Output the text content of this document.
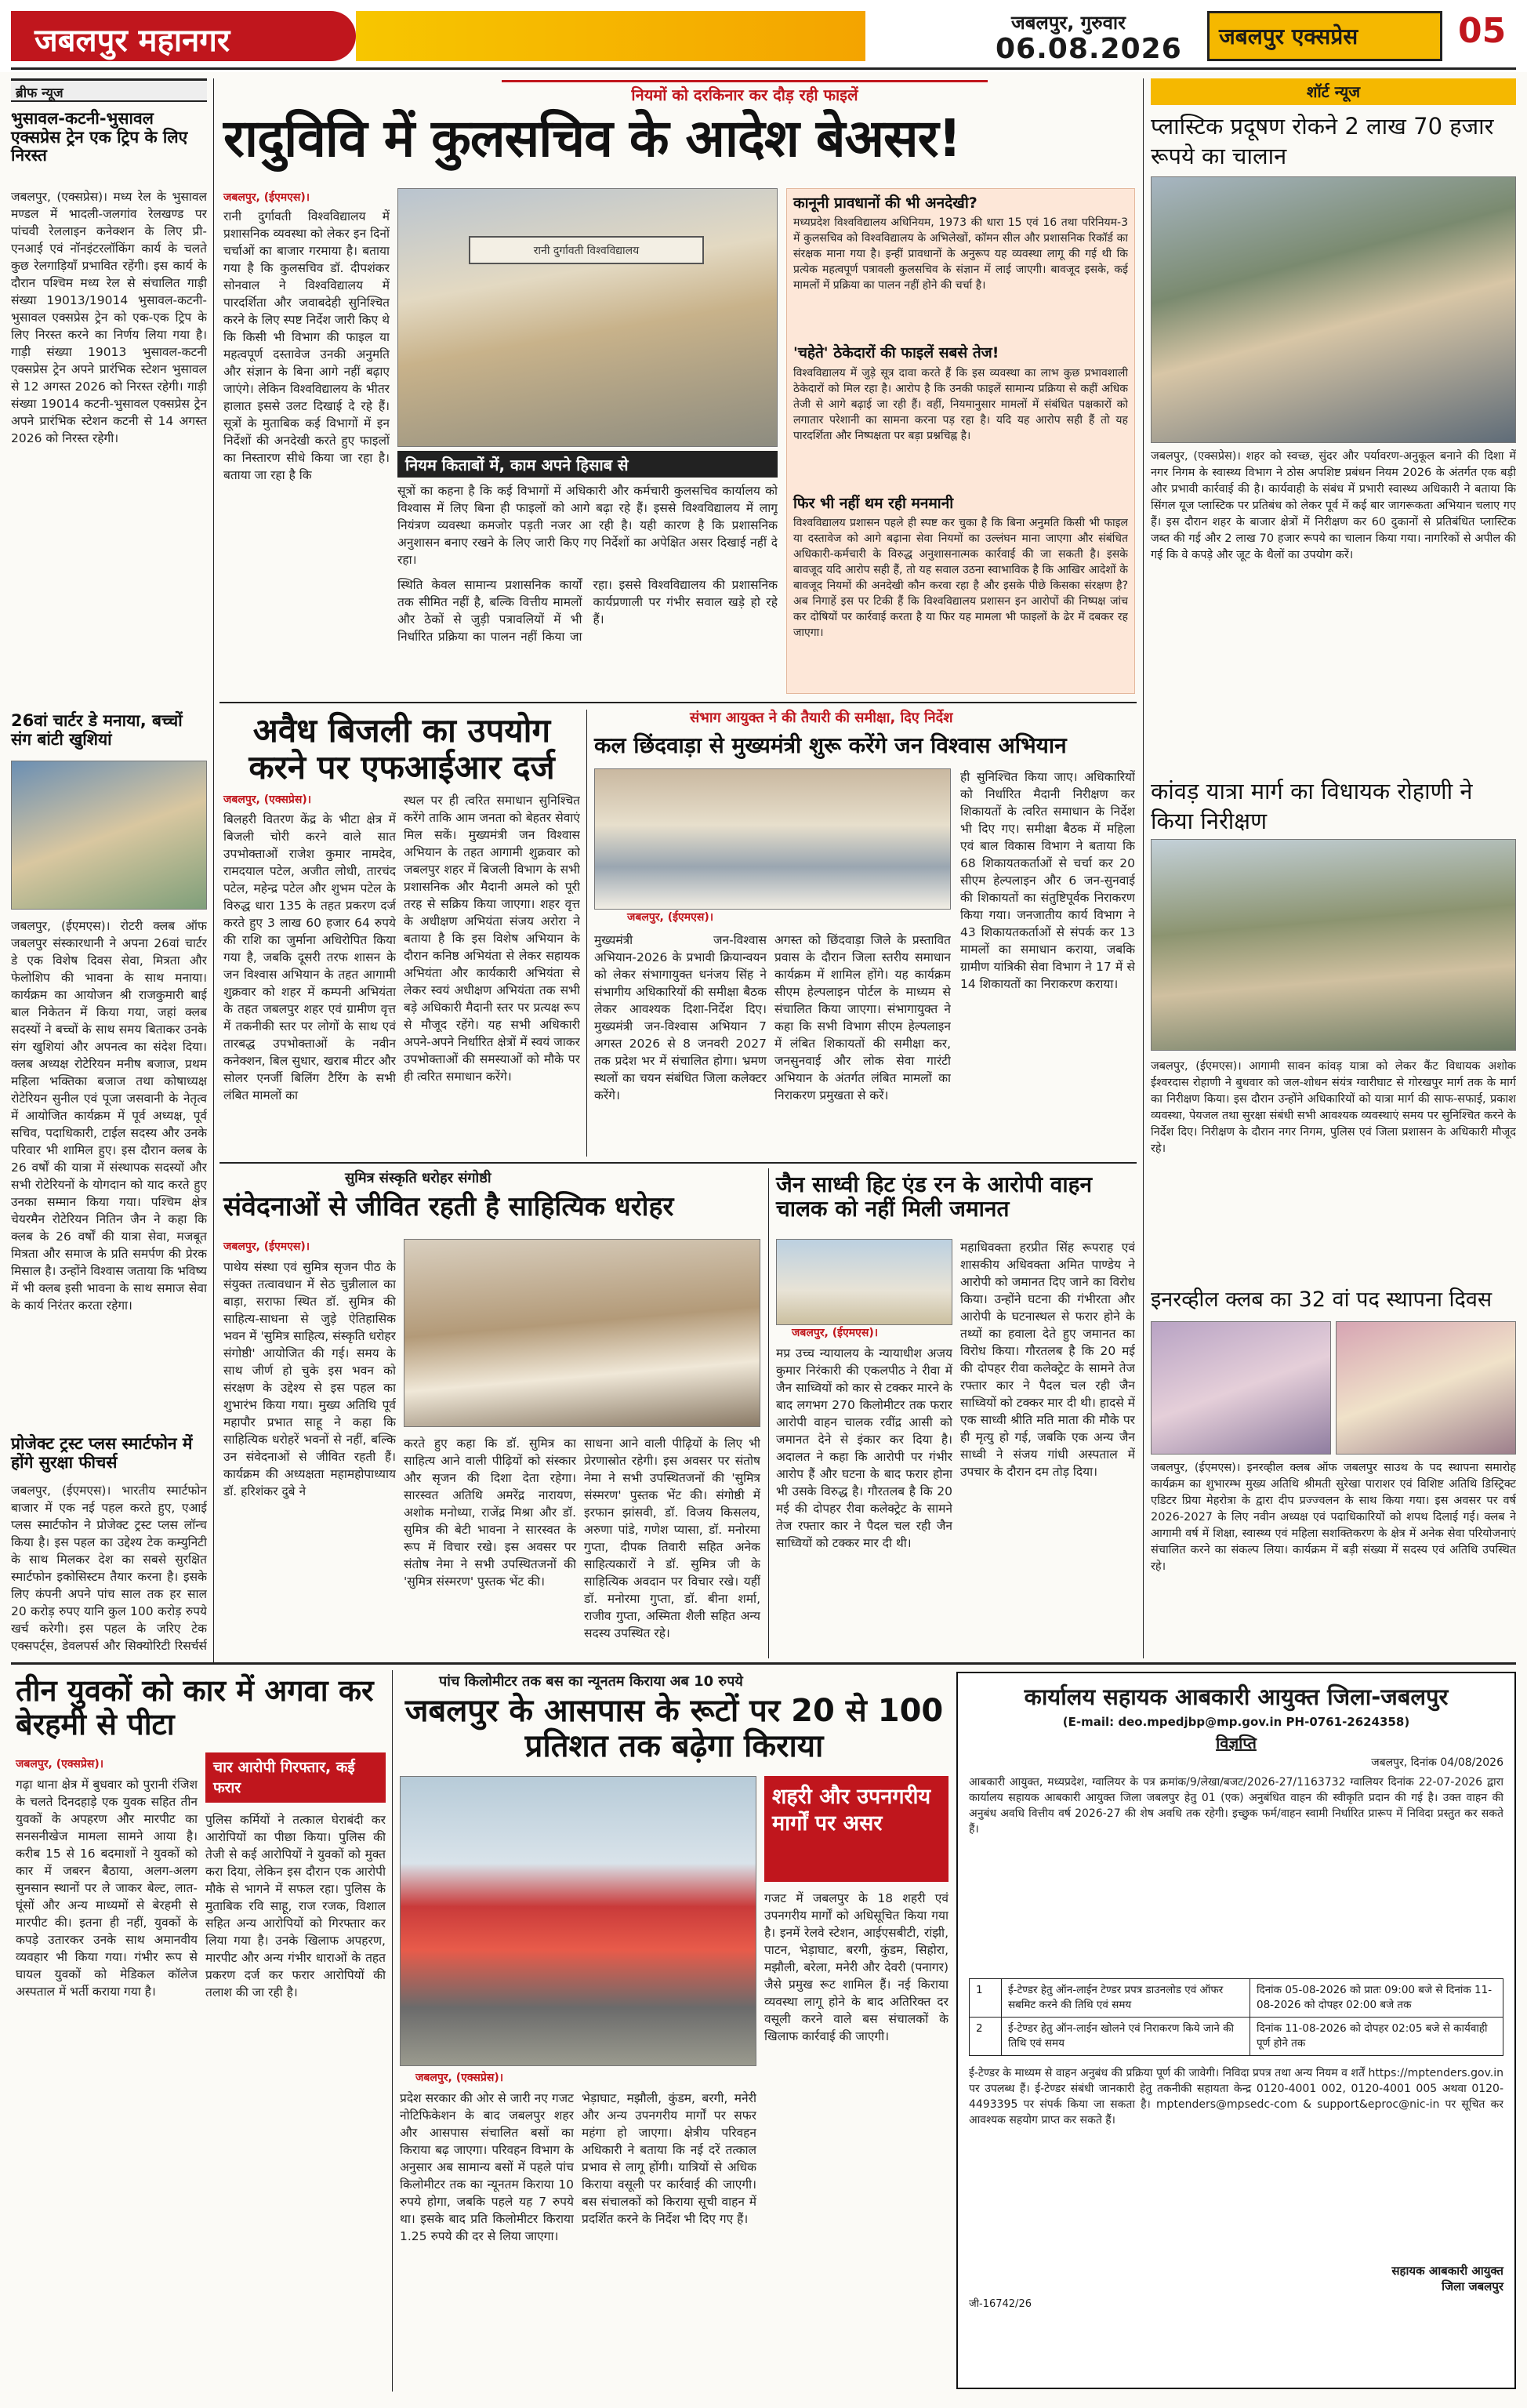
जबलपुर महानगर	जबलपुर, गुरुवार
06.08.2026 जबलपुर एक्सप्रेस	05
ब्रीफ न्यूज
भुसावल-कटनी-भुसावल एक्सप्रेस ट्रेन एक ट्रिप के लिए निरस्त
जबलपुर, (एक्सप्रेस)। मध्य रेल के भुसावल मण्डल में भादली-जलगांव रेलखण्ड पर पांचवी रेललाइन कनेक्शन के लिए प्री-एनआई एवं नॉनइंटरलॉकिंग कार्य के चलते कुछ रेलगाड़ियाँ प्रभावित रहेंगी। इस कार्य के दौरान पश्चिम मध्य रेल से संचालित गाड़ी संख्या 19013/19014 भुसावल-कटनी-भुसावल एक्सप्रेस ट्रेन को एक-एक ट्रिप के लिए निरस्त करने का निर्णय लिया गया है। गाड़ी संख्या 19013 भुसावल-कटनी एक्सप्रेस ट्रेन अपने प्रारंभिक स्टेशन भुसावल से 12 अगस्त 2026 को निरस्त रहेगी। गाड़ी संख्या 19014 कटनी-भुसावल एक्सप्रेस ट्रेन अपने प्रारंभिक स्टेशन कटनी से 14 अगस्त 2026 को निरस्त रहेगी।
26वां चार्टर डे मनाया, बच्चों संग बांटी खुशियां
जबलपुर, (ईएमएस)। रोटरी क्लब ऑफ जबलपुर संस्कारधानी ने अपना 26वां चार्टर डे एक विशेष दिवस सेवा, मित्रता और फेलोशिप की भावना के साथ मनाया। कार्यक्रम का आयोजन श्री राजकुमारी बाई बाल निकेतन में किया गया, जहां क्लब सदस्यों ने बच्चों के साथ समय बिताकर उनके संग खुशियां और अपनत्व का संदेश दिया। क्लब अध्यक्ष रोटेरियन मनीष बजाज, प्रथम महिला भक्तिका बजाज तथा कोषाध्यक्ष रोटेरियन सुनील एवं पूजा जसवानी के नेतृत्व में आयोजित कार्यक्रम में पूर्व अध्यक्ष, पूर्व सचिव, पदाधिकारी, टाईल सदस्य और उनके परिवार भी शामिल हुए। इस दौरान क्लब के 26 वर्षों की यात्रा में संस्थापक सदस्यों और सभी रोटेरियनों के योगदान को याद करते हुए उनका सम्मान किया गया। पश्चिम क्षेत्र चेयरमैन रोटेरियन नितिन जैन ने कहा कि क्लब के 26 वर्षों की यात्रा सेवा, मजबूत मित्रता और समाज के प्रति समर्पण की प्रेरक मिसाल है। उन्होंने विश्वास जताया कि भविष्य में भी क्लब इसी भावना के साथ समाज सेवा के कार्य निरंतर करता रहेगा।
प्रोजेक्ट ट्रस्ट प्लस स्मार्टफोन में होंगे सुरक्षा फीचर्स
जबलपुर, (ईएमएस)। भारतीय स्मार्टफोन बाजार में एक नई पहल करते हुए, एआई प्लस स्मार्टफोन ने प्रोजेक्ट ट्रस्ट प्लस लॉन्च किया है। इस पहल का उद्देश्य टेक कम्युनिटी के साथ मिलकर देश का सबसे सुरक्षित स्मार्टफोन इकोसिस्टम तैयार करना है। इसके लिए कंपनी अपने पांच साल तक हर साल 20 करोड़ रुपए यानि कुल 100 करोड़ रुपये खर्च करेगी। इस पहल के जरिए टेक एक्सपर्ट्स, डेवलपर्स और सिक्योरिटी रिसर्चर्स
नियमों को दरकिनार कर दौड़ रही फाइलें
रादुविवि में कुलसचिव के आदेश बेअसर!
जबलपुर, (ईएमएस)।
रानी दुर्गावती विश्वविद्यालय में प्रशासनिक व्यवस्था को लेकर इन दिनों चर्चाओं का बाजार गरमाया है। बताया गया है कि कुलसचिव डॉ. दीपशंकर सोनवाल ने विश्वविद्यालय में पारदर्शिता और जवाबदेही सुनिश्चित करने के लिए स्पष्ट निर्देश जारी किए थे कि किसी भी विभाग की फाइल या महत्वपूर्ण दस्तावेज उनकी अनुमति और संज्ञान के बिना आगे नहीं बढ़ाए जाएंगे। लेकिन विश्वविद्यालय के भीतर हालात इससे उलट दिखाई दे रहे हैं। सूत्रों के मुताबिक कई विभागों में इन निर्देशों की अनदेखी करते हुए फाइलों का निस्तारण सीधे किया जा रहा है। बताया जा रहा है कि
रानी दुर्गावती विश्वविद्यालय
नियम किताबों में, काम अपने हिसाब से
सूत्रों का कहना है कि कई विभागों में अधिकारी और कर्मचारी कुलसचिव कार्यालय को विश्वास में लिए बिना ही फाइलों को आगे बढ़ा रहे हैं। इससे विश्वविद्यालय में लागू नियंत्रण व्यवस्था कमजोर पड़ती नजर आ रही है। यही कारण है कि प्रशासनिक अनुशासन बनाए रखने के लिए जारी किए गए निर्देशों का अपेक्षित असर दिखाई नहीं दे रहा।
स्थिति केवल सामान्य प्रशासनिक कार्यों तक सीमित नहीं है, बल्कि वित्तीय मामलों और ठेकों से जुड़ी पत्रावलियों में भी निर्धारित प्रक्रिया का पालन नहीं किया जा रहा। इससे विश्वविद्यालय की प्रशासनिक कार्यप्रणाली पर गंभीर सवाल खड़े हो रहे हैं।
कानूनी प्रावधानों की भी अनदेखी?
मध्यप्रदेश विश्वविद्यालय अधिनियम, 1973 की धारा 15 एवं 16 तथा परिनियम-3 में कुलसचिव को विश्वविद्यालय के अभिलेखों, कॉमन सील और प्रशासनिक रिकॉर्ड का संरक्षक माना गया है। इन्हीं प्रावधानों के अनुरूप यह व्यवस्था लागू की गई थी कि प्रत्येक महत्वपूर्ण पत्रावली कुलसचिव के संज्ञान में लाई जाएगी। बावजूद इसके, कई मामलों में प्रक्रिया का पालन नहीं होने की चर्चा है।
'चहेते' ठेकेदारों की फाइलें सबसे तेज!
विश्वविद्यालय में जुड़े सूत्र दावा करते हैं कि इस व्यवस्था का लाभ कुछ प्रभावशाली ठेकेदारों को मिल रहा है। आरोप है कि उनकी फाइलें सामान्य प्रक्रिया से कहीं अधिक तेजी से आगे बढ़ाई जा रही हैं। वहीं, नियमानुसार मामलों में संबंधित पक्षकारों को लगातार परेशानी का सामना करना पड़ रहा है। यदि यह आरोप सही हैं तो यह पारदर्शिता और निष्पक्षता पर बड़ा प्रश्नचिह्न है।
फिर भी नहीं थम रही मनमानी
विश्वविद्यालय प्रशासन पहले ही स्पष्ट कर चुका है कि बिना अनुमति किसी भी फाइल या दस्तावेज को आगे बढ़ाना सेवा नियमों का उल्लंघन माना जाएगा और संबंधित अधिकारी-कर्मचारी के विरुद्ध अनुशासनात्मक कार्रवाई की जा सकती है। इसके बावजूद यदि आरोप सही हैं, तो यह सवाल उठना स्वाभाविक है कि आखिर आदेशों के बावजूद नियमों की अनदेखी कौन करवा रहा है और इसके पीछे किसका संरक्षण है? अब निगाहें इस पर टिकी हैं कि विश्वविद्यालय प्रशासन इन आरोपों की निष्पक्ष जांच कर दोषियों पर कार्रवाई करता है या फिर यह मामला भी फाइलों के ढेर में दबकर रह जाएगा।
अवैध बिजली का उपयोग करने पर एफआईआर दर्ज
जबलपुर, (एक्सप्रेस)।
बिलहरी वितरण केंद्र के भीटा क्षेत्र में बिजली चोरी करने वाले सात उपभोक्ताओं राजेश कुमार नामदेव, रामदयाल पटेल, अजीत लोधी, तारचंद पटेल, महेन्द्र पटेल और शुभम पटेल के विरुद्ध धारा 135 के तहत प्रकरण दर्ज करते हुए 3 लाख 60 हजार 64 रुपये की राशि का जुर्माना अधिरोपित किया गया है, जबकि दूसरी तरफ शासन के जन विश्वास अभियान के तहत आगामी शुक्रवार को शहर में कम्पनी अभियंता के तहत जबलपुर शहर एवं ग्रामीण वृत्त में तकनीकी स्तर पर लोगों के साथ एवं तारबद्ध उपभोक्ताओं के नवीन कनेक्शन, बिल सुधार, खराब मीटर और सोलर एनर्जी बिलिंग टैरिंग के सभी लंबित मामलों का
स्थल पर ही त्वरित समाधान सुनिश्चित करेंगे ताकि आम जनता को बेहतर सेवाएं मिल सकें। मुख्यमंत्री जन विश्वास अभियान के तहत आगामी शुक्रवार को जबलपुर शहर में बिजली विभाग के सभी प्रशासनिक और मैदानी अमले को पूरी तरह से सक्रिय किया जाएगा। शहर वृत्त के अधीक्षण अभियंता संजय अरोरा ने बताया है कि इस विशेष अभियान के दौरान कनिष्ठ अभियंता से लेकर सहायक अभियंता और कार्यकारी अभियंता से लेकर स्वयं अधीक्षण अभियंता तक सभी बड़े अधिकारी मैदानी स्तर पर प्रत्यक्ष रूप से मौजूद रहेंगे। यह सभी अधिकारी अपने-अपने निर्धारित क्षेत्रों में स्वयं जाकर उपभोक्ताओं की समस्याओं को मौके पर ही त्वरित समाधान करेंगे।
संभाग आयुक्त ने की तैयारी की समीक्षा, दिए निर्देश
कल छिंदवाड़ा से मुख्यमंत्री शुरू करेंगे जन विश्वास अभियान
जबलपुर, (ईएमएस)।
ही सुनिश्चित किया जाए। अधिकारियों को निर्धारित मैदानी निरीक्षण कर शिकायतों के त्वरित समाधान के निर्देश भी दिए गए। समीक्षा बैठक में महिला एवं बाल विकास विभाग ने बताया कि 68 शिकायतकर्ताओं से चर्चा कर 20 सीएम हेल्पलाइन और 6 जन-सुनवाई की शिकायतों का संतुष्टिपूर्वक निराकरण किया गया। जनजातीय कार्य विभाग ने 43 शिकायतकर्ताओं से संपर्क कर 13 मामलों का समाधान कराया, जबकि ग्रामीण यांत्रिकी सेवा विभाग ने 17 में से 14 शिकायतों का निराकरण कराया।
मुख्यमंत्री जन-विश्वास अभियान-2026 के प्रभावी क्रियान्वयन को लेकर संभागायुक्त धनंजय सिंह ने संभागीय अधिकारियों की समीक्षा बैठक लेकर आवश्यक दिशा-निर्देश दिए। मुख्यमंत्री जन-विश्वास अभियान 7 अगस्त 2026 से 8 जनवरी 2027 तक प्रदेश भर में संचालित होगा। भ्रमण स्थलों का चयन संबंधित जिला कलेक्टर करेंगे।
अगस्त को छिंदवाड़ा जिले के प्रस्तावित प्रवास के दौरान जिला स्तरीय समाधान कार्यक्रम में शामिल होंगे। यह कार्यक्रम सीएम हेल्पलाइन पोर्टल के माध्यम से संचालित किया जाएगा। संभागायुक्त ने कहा कि सभी विभाग सीएम हेल्पलाइन में लंबित शिकायतों की समीक्षा कर, जनसुनवाई और लोक सेवा गारंटी अभियान के अंतर्गत लंबित मामलों का निराकरण प्रमुखता से करें।
सुमित्र संस्कृति धरोहर संगोष्ठी
संवेदनाओं से जीवित रहती है साहित्यिक धरोहर
जबलपुर, (ईएमएस)।
पाथेय संस्था एवं सुमित्र सृजन पीठ के संयुक्त तत्वावधान में सेठ चुन्नीलाल का बाड़ा, सराफा स्थित डॉ. सुमित्र की साहित्य-साधना से जुड़े ऐतिहासिक भवन में 'सुमित्र साहित्य, संस्कृति धरोहर संगोष्ठी' आयोजित की गई। समय के साथ जीर्ण हो चुके इस भवन को संरक्षण के उद्देश्य से इस पहल का शुभारंभ किया गया। मुख्य अतिथि पूर्व महापौर प्रभात साहू ने कहा कि साहित्यिक धरोहरें भवनों से नहीं, बल्कि उन संवेदनाओं से जीवित रहती हैं। कार्यक्रम की अध्यक्षता महामहोपाध्याय डॉ. हरिशंकर दुबे ने
करते हुए कहा कि डॉ. सुमित्र का साहित्य आने वाली पीढ़ियों को संस्कार और सृजन की दिशा देता रहेगा। सारस्वत अतिथि अमरेंद्र नारायण, अशोक मनोध्या, राजेंद्र मिश्रा और डॉ. सुमित्र की बेटी भावना ने सारस्वत के रूप में विचार रखे। इस अवसर पर संतोष नेमा ने सभी उपस्थितजनों की 'सुमित्र संस्मरण' पुस्तक भेंट की।
साधना आने वाली पीढ़ियों के लिए भी प्रेरणास्रोत रहेगी। इस अवसर पर संतोष नेमा ने सभी उपस्थितजनों की 'सुमित्र संस्मरण' पुस्तक भेंट की। संगोष्ठी में इरफान झांसवी, डॉ. विजय किसलय, अरुणा पांडे, गणेश प्यासा, डॉ. मनोरमा गुप्ता, दीपक तिवारी सहित अनेक साहित्यकारों ने डॉ. सुमित्र जी के साहित्यिक अवदान पर विचार रखे। यहीं डॉ. मनोरमा गुप्ता, डॉ. बीना शर्मा, राजीव गुप्ता, अस्मिता शैली सहित अन्य सदस्य उपस्थित रहे।
जैन साध्वी हिट एंड रन के आरोपी वाहन चालक को नहीं मिली जमानत
जबलपुर, (ईएमएस)।
मप्र उच्च न्यायालय के न्यायाधीश अजय कुमार निरंकारी की एकलपीठ ने रीवा में जैन साध्वियों को कार से टक्कर मारने के बाद लगभग 270 किलोमीटर तक फरार आरोपी वाहन चालक रवींद्र आसी को जमानत देने से इंकार कर दिया है। अदालत ने कहा कि आरोपी पर गंभीर आरोप हैं और घटना के बाद फरार होना भी उसके विरुद्ध है। गौरतलब है कि 20 मई की दोपहर रीवा कलेक्ट्रेट के सामने तेज रफ्तार कार ने पैदल चल रही जैन साध्वियों को टक्कर मार दी थी।
महाधिवक्ता हरप्रीत सिंह रूपराह एवं शासकीय अधिवक्ता अमित पाण्डेय ने आरोपी को जमानत दिए जाने का विरोध किया। उन्होंने घटना की गंभीरता और आरोपी के घटनास्थल से फरार होने के तथ्यों का हवाला देते हुए जमानत का विरोध किया। गौरतलब है कि 20 मई की दोपहर रीवा कलेक्ट्रेट के सामने तेज रफ्तार कार ने पैदल चल रही जैन साध्वियों को टक्कर मार दी थी। हादसे में एक साध्वी श्रीति मति माता की मौके पर ही मृत्यु हो गई, जबकि एक अन्य जैन साध्वी ने संजय गांधी अस्पताल में उपचार के दौरान दम तोड़ दिया।
शॉर्ट न्यूज
प्लास्टिक प्रदूषण रोकने 2 लाख 70 हजार रूपये का चालान
जबलपुर, (एक्सप्रेस)। शहर को स्वच्छ, सुंदर और पर्यावरण-अनुकूल बनाने की दिशा में नगर निगम के स्वास्थ्य विभाग ने ठोस अपशिष्ट प्रबंधन नियम 2026 के अंतर्गत एक बड़ी और प्रभावी कार्रवाई की है। कार्यवाही के संबंध में प्रभारी स्वास्थ्य अधिकारी ने बताया कि सिंगल यूज प्लास्टिक पर प्रतिबंध को लेकर पूर्व में कई बार जागरूकता अभियान चलाए गए हैं। इस दौरान शहर के बाजार क्षेत्रों में निरीक्षण कर 60 दुकानों से प्रतिबंधित प्लास्टिक जब्त की गई और 2 लाख 70 हजार रूपये का चालान किया गया। नागरिकों से अपील की गई कि वे कपड़े और जूट के थैलों का उपयोग करें।
कांवड़ यात्रा मार्ग का विधायक रोहाणी ने किया निरीक्षण
जबलपुर, (ईएमएस)। आगामी सावन कांवड़ यात्रा को लेकर कैंट विधायक अशोक ईश्वरदास रोहाणी ने बुधवार को जल-शोधन संयंत्र ग्वारीघाट से गोरखपुर मार्ग तक के मार्ग का निरीक्षण किया। इस दौरान उन्होंने अधिकारियों को यात्रा मार्ग की साफ-सफाई, प्रकाश व्यवस्था, पेयजल तथा सुरक्षा संबंधी सभी आवश्यक व्यवस्थाएं समय पर सुनिश्चित करने के निर्देश दिए। निरीक्षण के दौरान नगर निगम, पुलिस एवं जिला प्रशासन के अधिकारी मौजूद रहे।
इनरव्हील क्लब का 32 वां पद स्थापना दिवस
जबलपुर, (ईएमएस)। इनरव्हील क्लब ऑफ जबलपुर साउथ के पद स्थापना समारोह कार्यक्रम का शुभारम्भ मुख्य अतिथि श्रीमती सुरेखा पाराशर एवं विशिष्ट अतिथि डिस्ट्रिक्ट एडिटर प्रिया मेहरोत्रा के द्वारा दीप प्रज्ज्वलन के साथ किया गया। इस अवसर पर वर्ष 2026-2027 के लिए नवीन अध्यक्ष एवं पदाधिकारियों को शपथ दिलाई गई। क्लब ने आगामी वर्ष में शिक्षा, स्वास्थ्य एवं महिला सशक्तिकरण के क्षेत्र में अनेक सेवा परियोजनाएं संचालित करने का संकल्प लिया। कार्यक्रम में बड़ी संख्या में सदस्य एवं अतिथि उपस्थित रहे।
तीन युवकों को कार में अगवा कर बेरहमी से पीटा
जबलपुर, (एक्सप्रेस)।
गढ़ा थाना क्षेत्र में बुधवार को पुरानी रंजिश के चलते दिनदहाड़े एक युवक सहित तीन युवकों के अपहरण और मारपीट का सनसनीखेज मामला सामने आया है। करीब 15 से 16 बदमाशों ने युवकों को कार में जबरन बैठाया, अलग-अलग सुनसान स्थानों पर ले जाकर बेल्ट, लात-घूंसों और अन्य माध्यमों से बेरहमी से मारपीट की। इतना ही नहीं, युवकों के कपड़े उतारकर उनके साथ अमानवीय व्यवहार भी किया गया। गंभीर रूप से घायल युवकों को मेडिकल कॉलेज अस्पताल में भर्ती कराया गया है।
चार आरोपी गिरफ्तार, कई फरार
पुलिस कर्मियों ने तत्काल घेराबंदी कर आरोपियों का पीछा किया। पुलिस की तेजी से कई आरोपियों ने युवकों को मुक्त करा दिया, लेकिन इस दौरान एक आरोपी मौके से भागने में सफल रहा। पुलिस के मुताबिक रवि साहू, राज रजक, विशाल सहित अन्य आरोपियों को गिरफ्तार कर लिया गया है। उनके खिलाफ अपहरण, मारपीट और अन्य गंभीर धाराओं के तहत प्रकरण दर्ज कर फरार आरोपियों की तलाश की जा रही है।
पांच किलोमीटर तक बस का न्यूनतम किराया अब 10 रुपये
जबलपुर के आसपास के रूटों पर 20 से 100 प्रतिशत तक बढ़ेगा किराया
शहरी और उपनगरीय मार्गों पर असर
गजट में जबलपुर के 18 शहरी एवं उपनगरीय मार्गों को अधिसूचित किया गया है। इनमें रेलवे स्टेशन, आईएसबीटी, रांझी, पाटन, भेड़ाघाट, बरगी, कुंडम, सिहोरा, मझौली, बरेला, मनेरी और देवरी (पनागर) जैसे प्रमुख रूट शामिल हैं। नई किराया व्यवस्था लागू होने के बाद अतिरिक्त दर वसूली करने वाले बस संचालकों के खिलाफ कार्रवाई की जाएगी।
जबलपुर, (एक्सप्रेस)।
प्रदेश सरकार की ओर से जारी नए गजट नोटिफिकेशन के बाद जबलपुर शहर और आसपास संचालित बसों का किराया बढ़ जाएगा। परिवहन विभाग के अनुसार अब सामान्य बसों में पहले पांच किलोमीटर तक का न्यूनतम किराया 10 रुपये होगा, जबकि पहले यह 7 रुपये था। इसके बाद प्रति किलोमीटर किराया 1.25 रुपये की दर से लिया जाएगा।
भेड़ाघाट, मझौली, कुंडम, बरगी, मनेरी और अन्य उपनगरीय मार्गों पर सफर महंगा हो जाएगा। क्षेत्रीय परिवहन अधिकारी ने बताया कि नई दरें तत्काल प्रभाव से लागू होंगी। यात्रियों से अधिक किराया वसूली पर कार्रवाई की जाएगी। बस संचालकों को किराया सूची वाहन में प्रदर्शित करने के निर्देश भी दिए गए हैं।
कार्यालय सहायक आबकारी आयुक्त जिला-जबलपुर
(E-mail: deo.mpedjbp@mp.gov.in PH-0761-2624358)
विज्ञप्ति
जबलपुर, दिनांक 04/08/2026
आबकारी आयुक्त, मध्यप्रदेश, ग्वालियर के पत्र क्रमांक/9/लेखा/बजट/2026-27/1163732 ग्वालियर दिनांक 22-07-2026 द्वारा कार्यालय सहायक आबकारी आयुक्त जिला जबलपुर हेतु 01 (एक) अनुबंधित वाहन की स्वीकृति प्रदान की गई है। उक्त वाहन की अनुबंध अवधि वित्तीय वर्ष 2026-27 की शेष अवधि तक रहेगी। इच्छुक फर्म/वाहन स्वामी निर्धारित प्रारूप में निविदा प्रस्तुत कर सकते हैं।
1	ई-टेण्डर हेतु ऑन-लाईन टेण्डर प्रपत्र डाउनलोड एवं ऑफर सबमिट करने की तिथि एवं समय	दिनांक 05-08-2026 को प्रातः 09:00 बजे से दिनांक 11-08-2026 को दोपहर 02:00 बजे तक
2	ई-टेण्डर हेतु ऑन-लाईन खोलने एवं निराकरण किये जाने की तिथि एवं समय	दिनांक 11-08-2026 को दोपहर 02:05 बजे से कार्यवाही पूर्ण होने तक
ई-टेण्डर के माध्यम से वाहन अनुबंध की प्रक्रिया पूर्ण की जावेगी। निविदा प्रपत्र तथा अन्य नियम व शर्तें https://mptenders.gov.in पर उपलब्ध हैं। ई-टेण्डर संबंधी जानकारी हेतु तकनीकी सहायता केन्द्र 0120-4001 002, 0120-4001 005 अथवा 0120-4493395 पर संपर्क किया जा सकता है। mptenders@mpsedc-com & support&eproc@nic-in पर सूचित कर आवश्यक सहयोग प्राप्त कर सकते हैं।
सहायक आबकारी आयुक्त
जिला जबलपुर
जी-16742/26
